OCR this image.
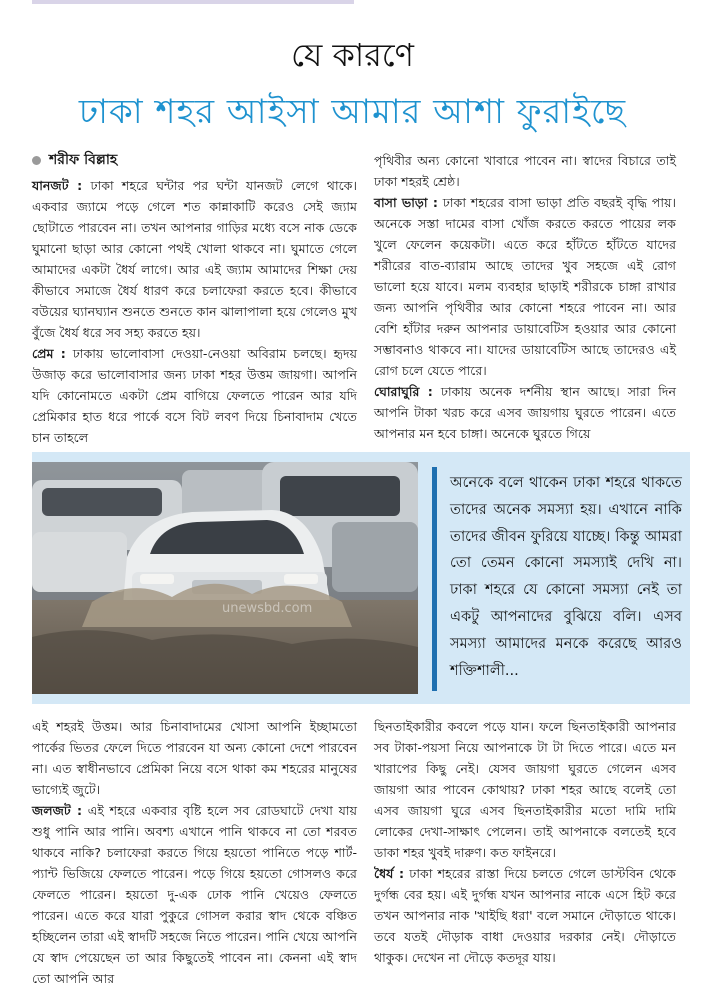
যে কারণে
ঢাকা শহর আইসা আমার আশা ফুরাইছে
শরীফ বিল্লাহ

যানজট : ঢাকা শহরে ঘন্টার পর ঘন্টা যানজট লেগে থাকে। একবার জ্যামে পড়ে গেলে শত কান্নাকাটি করেও সেই জ্যাম ছোটাতে পারবেন না। তখন আপনার গাড়ির মধ্যে বসে নাক ডেকে ঘুমানো ছাড়া আর কোনো পথই খোলা থাকবে না। ঘুমাতে গেলে আমাদের একটা ধৈর্য লাগে। আর এই জ্যাম আমাদের শিক্ষা দেয় কীভাবে সমাজে ধৈর্য ধারণ করে চলাফেরা করতে হবে। কীভাবে বউয়ের ঘ্যানঘ্যান শুনতে শুনতে কান ঝালাপালা হয়ে গেলেও মুখ বুঁজে ধৈর্য ধরে সব সহ্য করতে হয়।

প্রেম : ঢাকায় ভালোবাসা দেওয়া-নেওয়া অবিরাম চলছে। হৃদয় উজাড় করে ভালোবাসার জন্য ঢাকা শহর উত্তম জায়গা। আপনি যদি কোনোমতে একটা প্রেম বাগিয়ে ফেলতে পারেন আর যদি প্রেমিকার হাত ধরে পার্কে বসে বিট লবণ দিয়ে চিনাবাদাম খেতে চান তাহলে

পৃথিবীর অন্য কোনো খাবারে পাবেন না। স্বাদের বিচারে তাই ঢাকা শহরই শ্রেষ্ঠ।

বাসা ভাড়া : ঢাকা শহরের বাসা ভাড়া প্রতি বছরই বৃদ্ধি পায়। অনেকে সস্তা দামের বাসা খোঁজ করতে করতে পায়ের লক খুলে ফেলেন কয়েকটা। এতে করে হাঁটতে হাঁটতে যাদের শরীরের বাত-ব্যারাম আছে তাদের খুব সহজে এই রোগ ভালো হয়ে যাবে। মলম ব্যবহার ছাড়াই শরীরকে চাঙ্গা রাখার জন্য আপনি পৃথিবীর আর কোনো শহরে পাবেন না। আর বেশি হাঁটার দরুন আপনার ডায়াবেটিস হওয়ার আর কোনো সম্ভাবনাও থাকবে না। যাদের ডায়াবেটিস আছে তাদেরও এই রোগ চলে যেতে পারে।

ঘোরাঘুরি : ঢাকায় অনেক দর্শনীয় স্থান আছে। সারা দিন আপনি টাকা খরচ করে এসব জায়গায় ঘুরতে পারেন। এতে আপনার মন হবে চাঙ্গা। অনেকে ঘুরতে গিয়ে

unewsbd.com
অনেকে বলে থাকেন ঢাকা শহরে থাকতে তাদের অনেক সমস্যা হয়। এখানে নাকি তাদের জীবন ফুরিয়ে যাচ্ছে। কিন্তু আমরা তো তেমন কোনো সমস্যাই দেখি না। ঢাকা শহরে যে কোনো সমস্যা নেই তা একটু আপনাদের বুঝিয়ে বলি। এসব সমস্যা আমাদের মনকে করেছে আরও শক্তিশালী...

এই শহরই উত্তম। আর চিনাবাদামের খোসা আপনি ইচ্ছামতো পার্কের ভিতর ফেলে দিতে পারবেন যা অন্য কোনো দেশে পারবেন না। এত স্বাধীনভাবে প্রেমিকা নিয়ে বসে থাকা কম শহরের মানুষের ভাগ্যেই জুটে।

জলজট : এই শহরে একবার বৃষ্টি হলে সব রোডঘাটে দেখা যায় শুধু পানি আর পানি। অবশ্য এখানে পানি থাকবে না তো শরবত থাকবে নাকি? চলাফেরা করতে গিয়ে হয়তো পানিতে পড়ে শার্ট-প্যান্ট ভিজিয়ে ফেলতে পারেন। পড়ে গিয়ে হয়তো গোসলও করে ফেলতে পারেন। হয়তো দু-এক ঢোক পানি খেয়েও ফেলতে পারেন। এতে করে যারা পুকুরে গোসল করার স্বাদ থেকে বঞ্চিত হচ্ছিলেন তারা এই স্বাদটি সহজে নিতে পারেন। পানি খেয়ে আপনি যে স্বাদ পেয়েছেন তা আর কিছুতেই পাবেন না। কেননা এই স্বাদ তো আপনি আর

ছিনতাইকারীর কবলে পড়ে যান। ফলে ছিনতাইকারী আপনার সব টাকা-পয়সা নিয়ে আপনাকে টা টা দিতে পারে। এতে মন খারাপের কিছু নেই। যেসব জায়গা ঘুরতে গেলেন এসব জায়গা আর পাবেন কোথায়? ঢাকা শহর আছে বলেই তো এসব জায়গা ঘুরে এসব ছিনতাইকারীর মতো দামি দামি লোকের দেখা-সাক্ষাৎ পেলেন। তাই আপনাকে বলতেই হবে ডাকা শহর খুবই দারুণ। কত ফাইনরে।

ধৈর্য : ঢাকা শহরের রাস্তা দিয়ে চলতে গেলে ডাস্টবিন থেকে দুর্গন্ধ বের হয়। এই দুর্গন্ধ যখন আপনার নাকে এসে হিট করে তখন আপনার নাক 'খাইছি ধরা' বলে সমানে দৌড়াতে থাকে। তবে যতই দৌড়াক বাধা দেওয়ার দরকার নেই। দৌড়াতে থাকুক। দেখেন না দৌড়ে কতদূর যায়।
